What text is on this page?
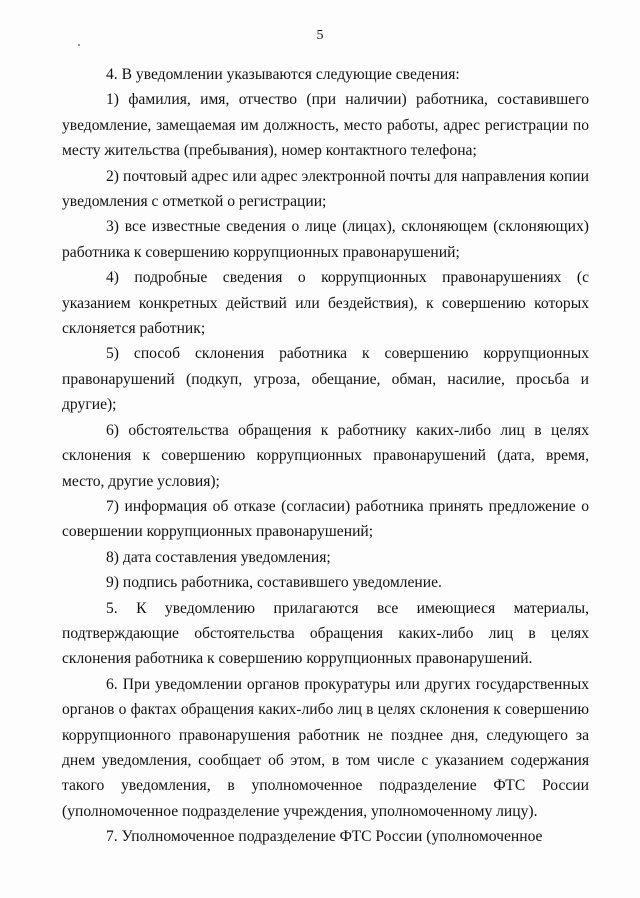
5

4. В уведомлении указываются следующие сведения:

1) фамилия, имя, отчество (при наличии) работника, составившего уведомление, замещаемая им должность, место работы, адрес регистрации по месту жительства (пребывания), номер контактного телефона;

2) почтовый адрес или адрес электронной почты для направления копии уведомления с отметкой о регистрации;

3) все известные сведения о лице (лицах), склоняющем (склоняющих) работника к совершению коррупционных правонарушений;

4) подробные сведения о коррупционных правонарушениях (с указанием конкретных действий или бездействия), к совершению которых склоняется работник;

5) способ склонения работника к совершению коррупционных правонарушений (подкуп, угроза, обещание, обман, насилие, просьба и другие);

6) обстоятельства обращения к работнику каких-либо лиц в целях склонения к совершению коррупционных правонарушений (дата, время, место, другие условия);

7) информация об отказе (согласии) работника принять предложение о совершении коррупционных правонарушений;

8) дата составления уведомления;

9) подпись работника, составившего уведомление.

5. К уведомлению прилагаются все имеющиеся материалы, подтверждающие обстоятельства обращения каких-либо лиц в целях склонения работника к совершению коррупционных правонарушений.

6. При уведомлении органов прокуратуры или других государственных органов о фактах обращения каких-либо лиц в целях склонения к совершению коррупционного правонарушения работник не позднее дня, следующего за днем уведомления, сообщает об этом, в том числе с указанием содержания такого уведомления, в уполномоченное подразделение ФТС России (уполномоченное подразделение учреждения, уполномоченному лицу).

7. Уполномоченное подразделение ФТС России (уполномоченное
